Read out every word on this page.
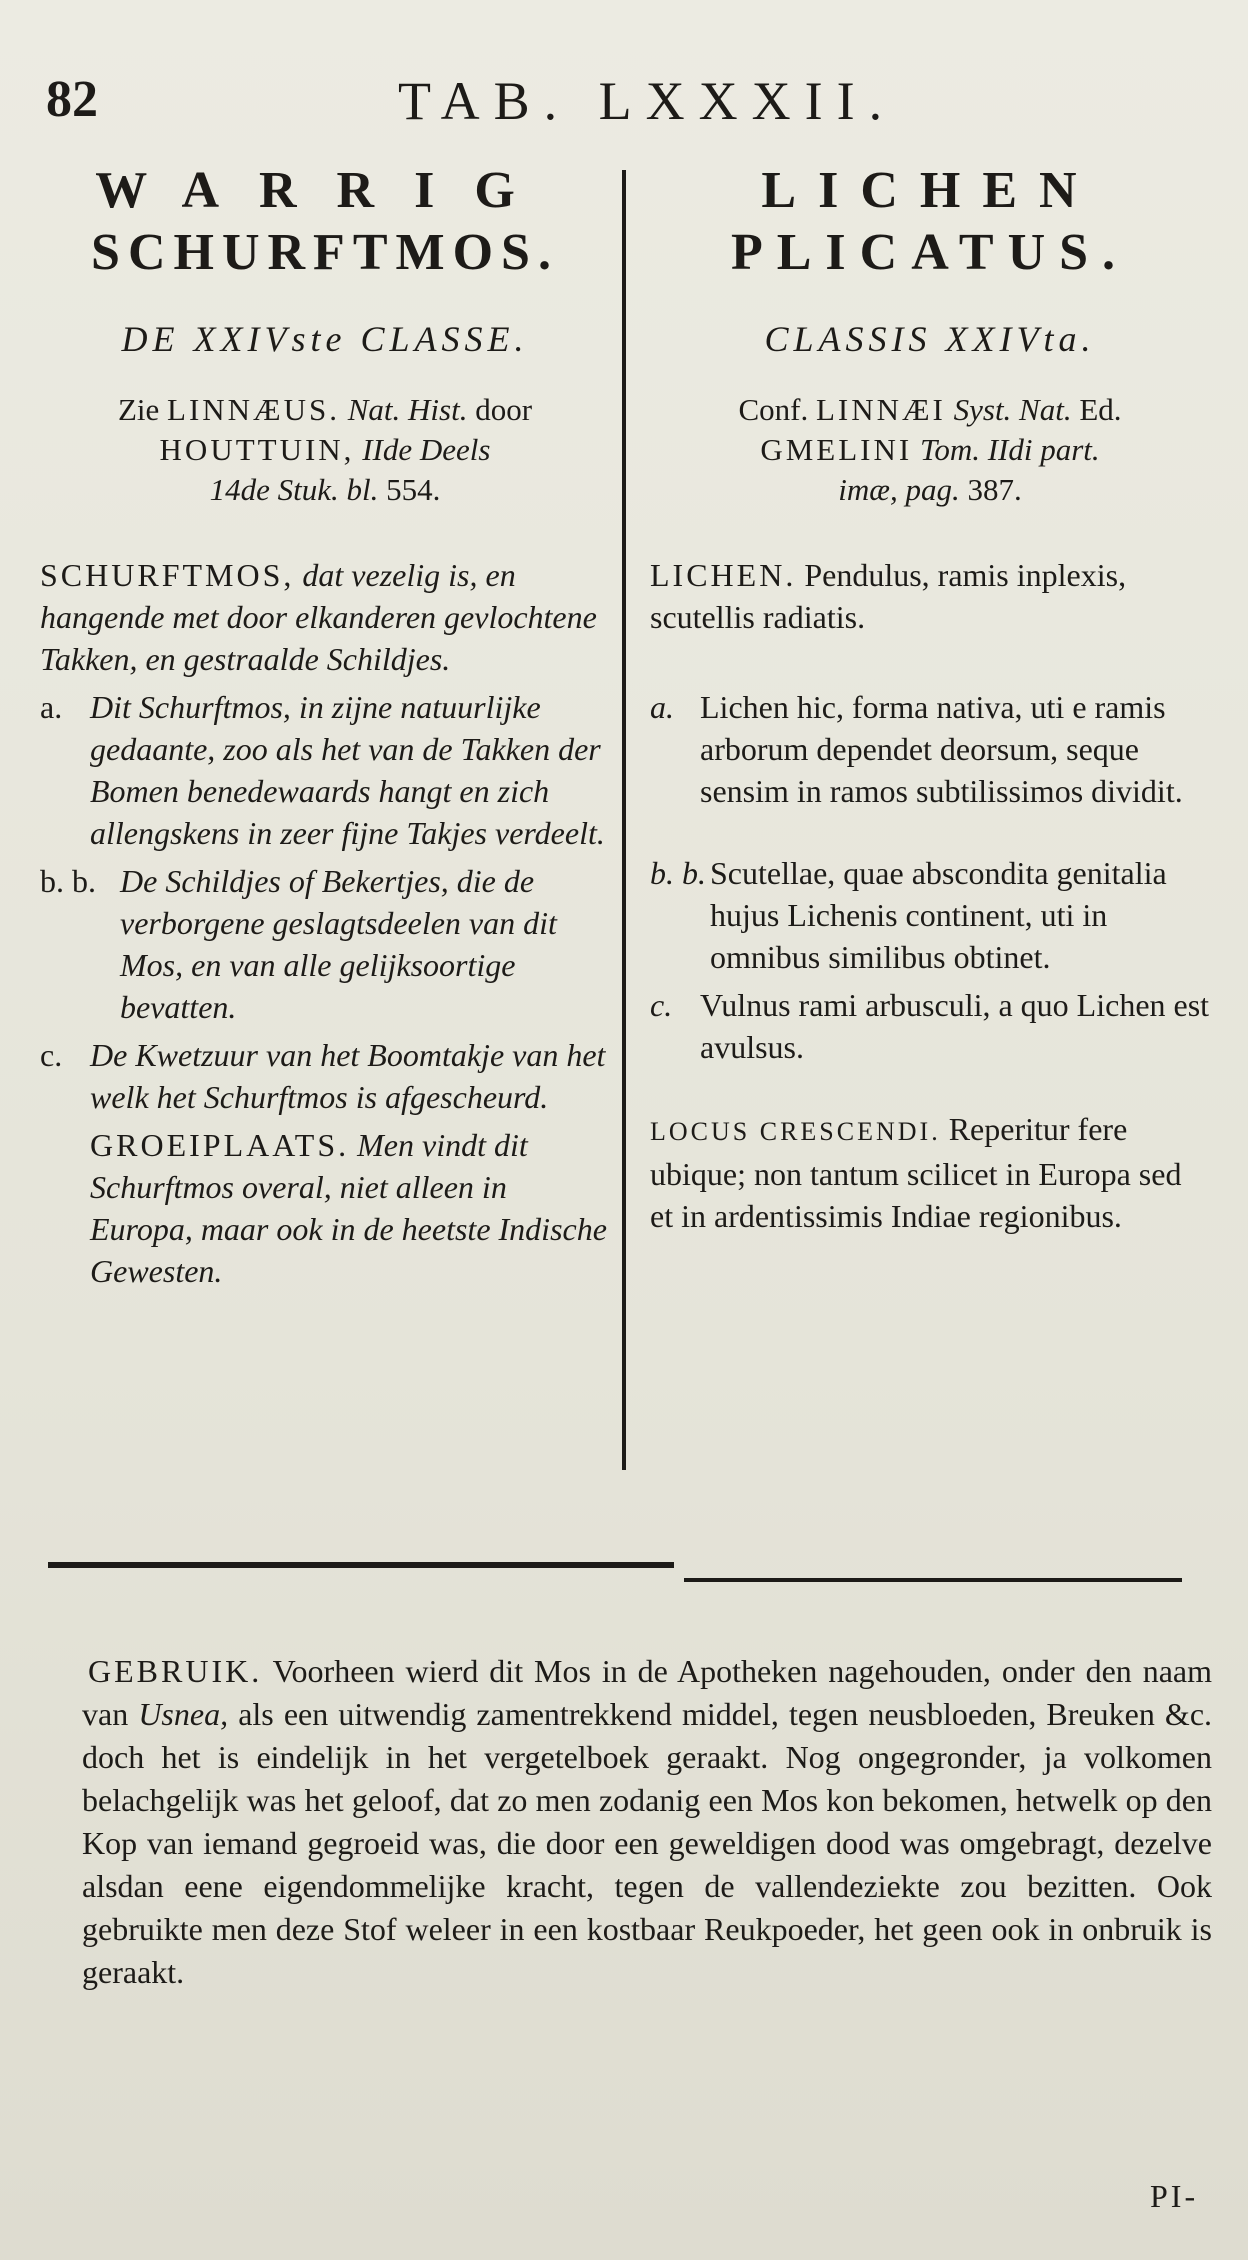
82	TAB. LXXXII.
WARRIG
SCHURFTMOS.
DE XXIVste CLASSE.
Zie LINNÆUS. Nat. Hist. door
HOUTTUIN, IIde Deels
14de Stuk. bl. 554.
SCHURFTMOS, dat vezelig is, en hangende met door elkanderen gevlochtene Takken, en gestraalde Schildjes.
a. Dit Schurftmos, in zijne natuurlijke gedaante, zoo als het van de Takken der Bomen benedewaards hangt en zich allengskens in zeer fijne Takjes verdeelt.
b. b. De Schildjes of Bekertjes, die de verborgene geslagtsdeelen van dit Mos, en van alle gelijksoortige bevatten.
c. De Kwetzuur van het Boomtakje van het welk het Schurftmos is afgescheurd.
GROEIPLAATS. Men vindt dit Schurftmos overal, niet alleen in Europa, maar ook in de heetste Indische Gewesten.
LICHEN
PLICATUS.
CLASSIS XXIVta.
Conf. LINNÆI Syst. Nat. Ed.
GMELINI Tom. IIdi part.
imæ, pag. 387.
LICHEN. Pendulus, ramis inplexis, scutellis radiatis.
a. Lichen hic, forma nativa, uti e ramis arborum dependet deorsum, seque sensim in ramos subtilissimos dividit.
b. b. Scutellae, quae abscondita genitalia hujus Lichenis continent, uti in omnibus similibus obtinet.
c. Vulnus rami arbusculi, a quo Lichen est avulsus.
LOCUS CRESCENDI. Reperitur fere ubique; non tantum scilicet in Europa sed et in ardentissimis Indiae regionibus.
GEBRUIK. Voorheen wierd dit Mos in de Apotheken nagehouden, onder den naam van Usnea, als een uitwendig zamentrekkend middel, tegen neusbloeden, Breuken &c. doch het is eindelijk in het vergetelboek geraakt. Nog ongegronder, ja volkomen belachgelijk was het geloof, dat zo men zodanig een Mos kon bekomen, hetwelk op den Kop van iemand gegroeid was, die door een geweldigen dood was omgebragt, dezelve alsdan eene eigendommelijke kracht, tegen de vallendeziekte zou bezitten. Ook gebruikte men deze Stof weleer in een kostbaar Reukpoeder, het geen ook in onbruik is geraakt.
PI-
